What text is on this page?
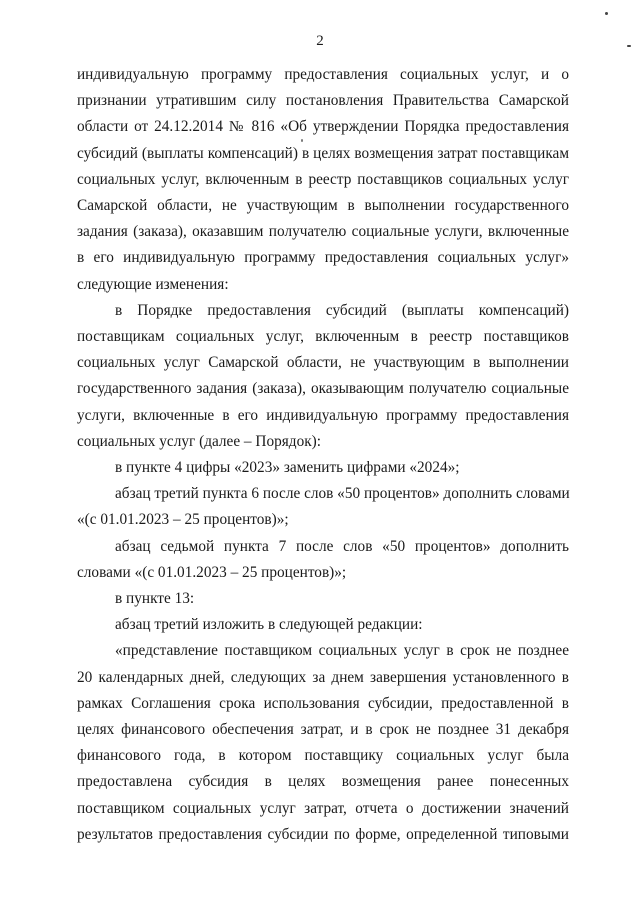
2

индивидуальную программу предоставления социальных услуг, и о
признании утратившим силу постановления Правительства Самарской
области от 24.12.2014 № 816 «Об утверждении Порядка предоставления
субсидий (выплаты компенсаций) в целях возмещения затрат поставщикам
социальных услуг, включенным в реестр поставщиков социальных услуг
Самарской области, не участвующим в выполнении государственного
задания (заказа), оказавшим получателю социальные услуги, включенные
в его индивидуальную программу предоставления социальных услуг»
следующие изменения:

в Порядке предоставления субсидий (выплаты компенсаций)
поставщикам социальных услуг, включенным в реестр поставщиков
социальных услуг Самарской области, не участвующим в выполнении
государственного задания (заказа), оказывающим получателю социальные
услуги, включенные в его индивидуальную программу предоставления
социальных услуг (далее – Порядок):

в пункте 4 цифры «2023» заменить цифрами «2024»;

абзац третий пункта 6 после слов «50 процентов» дополнить словами
«(с 01.01.2023 – 25 процентов)»;

абзац седьмой пункта 7 после слов «50 процентов» дополнить
словами «(с 01.01.2023 – 25 процентов)»;

в пункте 13:

абзац третий изложить в следующей редакции:

«представление поставщиком социальных услуг в срок не позднее
20 календарных дней, следующих за днем завершения установленного в
рамках Соглашения срока использования субсидии, предоставленной в
целях финансового обеспечения затрат, и в срок не позднее 31 декабря
финансового года, в котором поставщику социальных услуг была
предоставлена субсидия в целях возмещения ранее понесенных
поставщиком социальных услуг затрат, отчета о достижении значений
результатов предоставления субсидии по форме, определенной типовыми
